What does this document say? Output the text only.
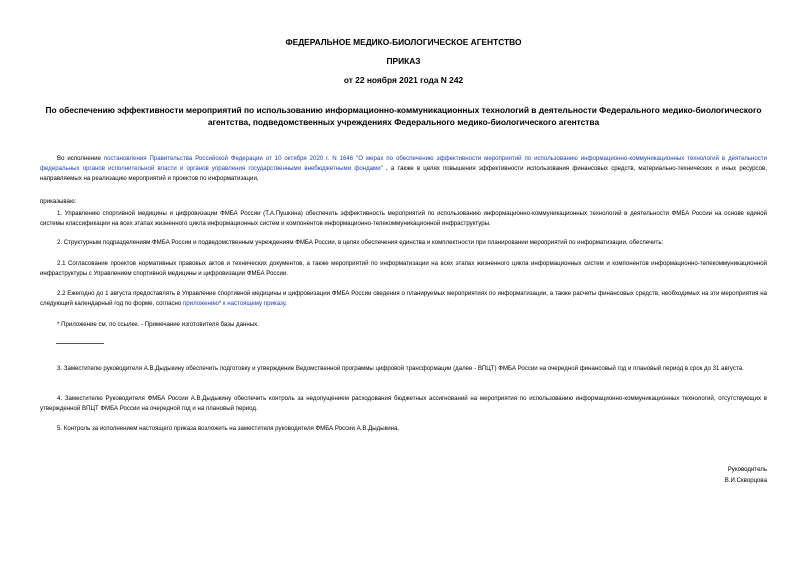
ФЕДЕРАЛЬНОЕ МЕДИКО-БИОЛОГИЧЕСКОЕ АГЕНТСТВО
ПРИКАЗ
от 22 ноября 2021 года N 242
По обеспечению эффективности мероприятий по использованию информационно-коммуникационных технологий в деятельности Федерального медико-биологического агентства, подведомственных учреждениях Федерального медико-биологического агентства
Во исполнение постановления Правительства Российской Федерации от 10 октября 2020 г. N 1646 "О мерах по обеспечению эффективности мероприятий по использованию информационно-коммуникационных технологий в деятельности федеральных органов исполнительной власти и органов управления государственными внебюджетными фондами" , а также в целях повышения эффективности использования финансовых средств, материально-технических и иных ресурсов, направляемых на реализацию мероприятий и проектов по информатизации,
приказываю:
1. Управлению спортивной медицины и цифровизации ФМБА России (Т.А.Пушкина) обеспечить эффективность мероприятий по использованию информационно-коммуникационных технологий в деятельности ФМБА России на основе единой системы классификации на всех этапах жизненного цикла информационных систем и компонентов информационно-телекоммуникационной инфраструктуры.
2. Структурным подразделениям ФМБА России и подведомственным учреждениям ФМБА России, в целях обеспечения единства и комплектности при планировании мероприятий по информатизации, обеспечить:
2.1 Согласование проектов нормативных правовых актов и технических документов, а также мероприятий по информатизации на всех этапах жизненного цикла информационных систем и компонентов информационно-телекоммуникационной инфраструктуры с Управлением спортивной медицины и цифровизации ФМБА России.
2.2 Ежегодно до 1 августа предоставлять в Управление спортивной медицины и цифровизации ФМБА России сведения о планируемых мероприятиях по информатизации, а также расчеты финансовых средств, необходимых на эти мероприятия на следующий календарный год по форме, согласно приложению* к настоящему приказу.
* Приложение см. по ссылке. - Примечание изготовителя базы данных.
3. Заместителю руководителя А.В.Дыдыкину обеспечить подготовку и утверждение Ведомственной программы цифровой трансформации (далее - ВПЦТ) ФМБА России на очередной финансовый год и плановый период в срок до 31 августа.
4. Заместителю Руководителя ФМБА России А.В.Дыдыкину обеспечить контроль за недопущением расходования бюджетных ассигнований на мероприятия по использованию информационно-коммуникационных технологий, отсутствующих в утвержденной ВПЦТ ФМБА России на очередной год и на плановый период.
5. Контроль за исполнением настоящего приказа возложить на заместителя руководителя ФМБА России А.В.Дыдыкина.
Руководитель
В.И.Скворцова
